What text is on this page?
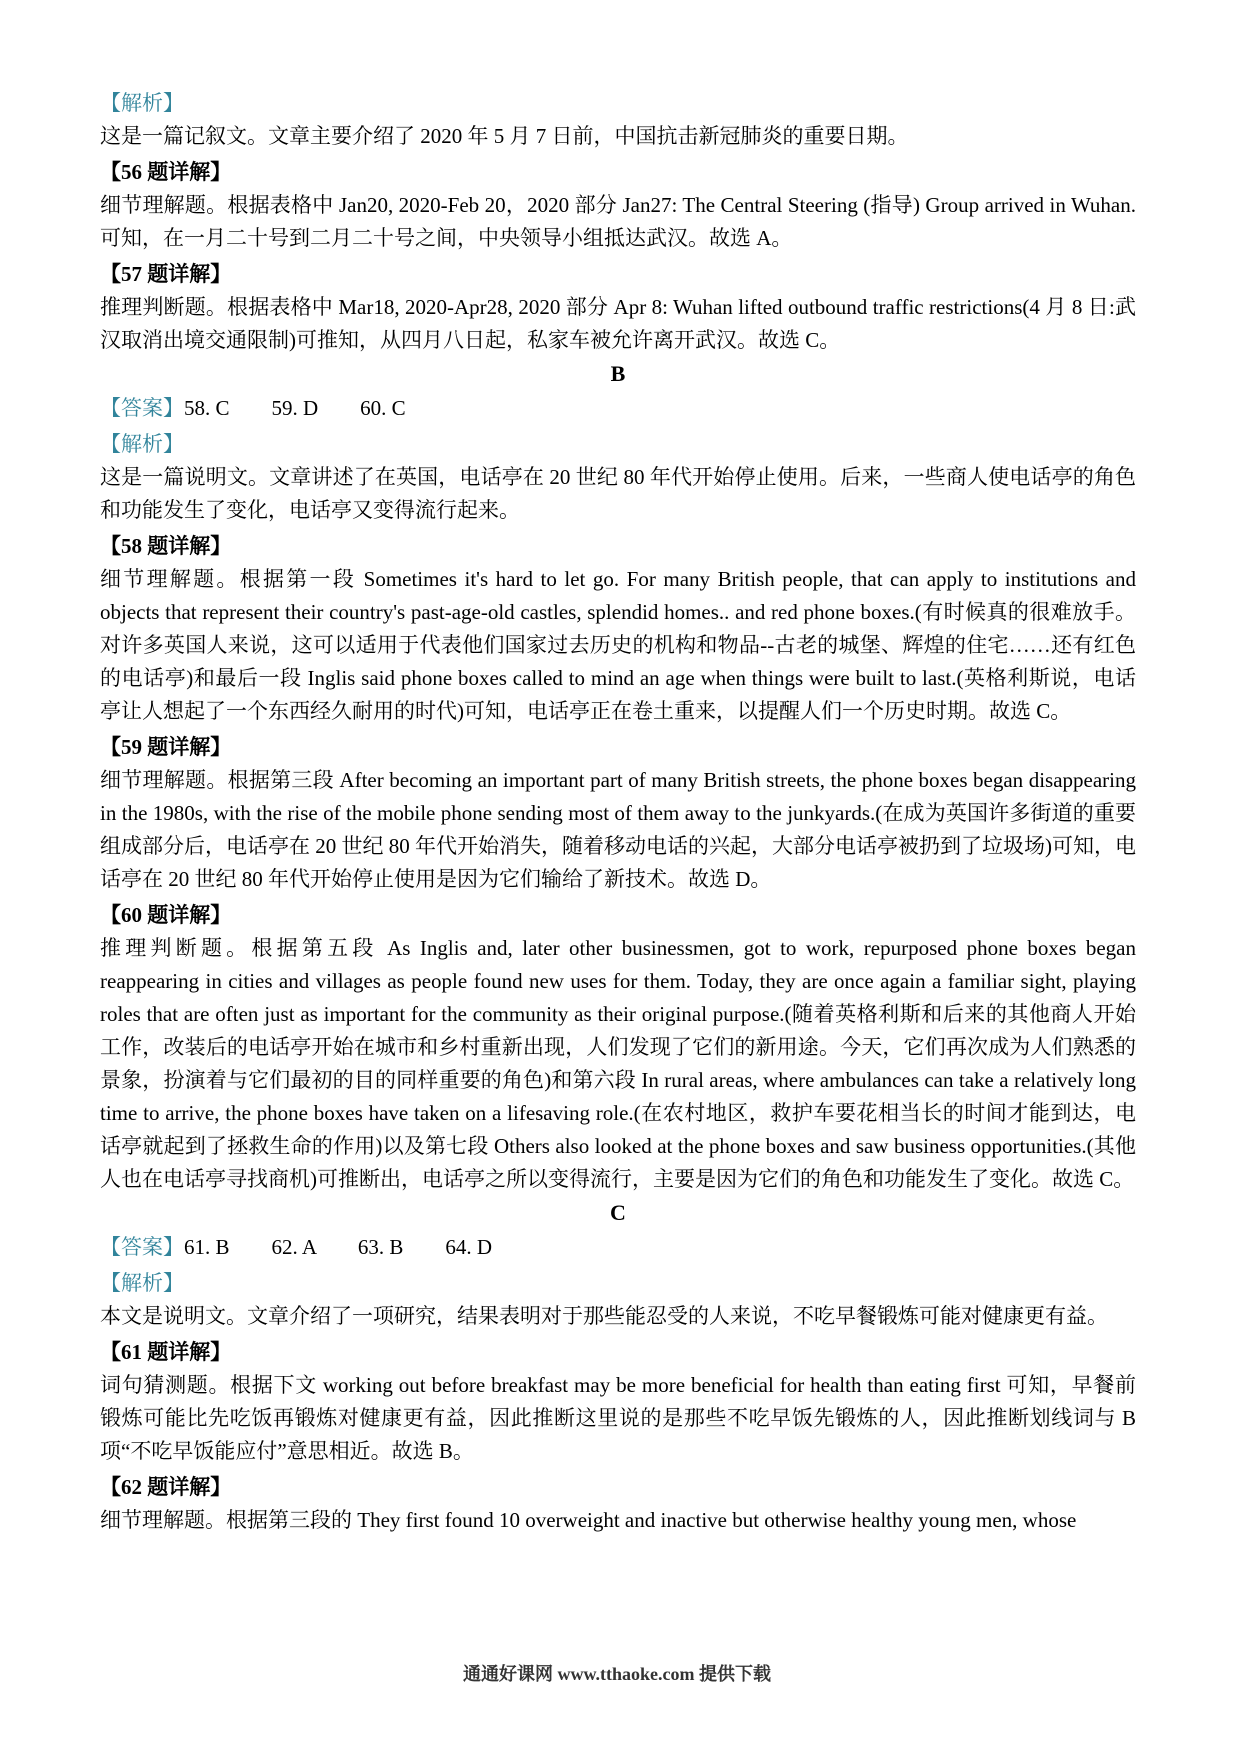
【解析】
这是一篇记叙文。文章主要介绍了 2020 年 5 月 7 日前，中国抗击新冠肺炎的重要日期。
【56 题详解】
细节理解题。根据表格中 Jan20, 2020-Feb 20，2020 部分 Jan27: The Central Steering (指导) Group arrived in Wuhan.可知，在一月二十号到二月二十号之间，中央领导小组抵达武汉。故选 A。
【57 题详解】
推理判断题。根据表格中 Mar18, 2020-Apr28, 2020 部分 Apr 8: Wuhan lifted outbound traffic restrictions(4 月 8 日:武汉取消出境交通限制)可推知，从四月八日起，私家车被允许离开武汉。故选 C。
B
【答案】58. C　　59. D　　60. C
【解析】
这是一篇说明文。文章讲述了在英国，电话亭在 20 世纪 80 年代开始停止使用。后来，一些商人使电话亭的角色和功能发生了变化，电话亭又变得流行起来。
【58 题详解】
细节理解题。根据第一段 Sometimes it's hard to let go. For many British people, that can apply to institutions and objects that represent their country's past-age-old castles, splendid homes.. and red phone boxes.(有时候真的很难放手。对许多英国人来说，这可以适用于代表他们国家过去历史的机构和物品--古老的城堡、辉煌的住宅……还有红色的电话亭)和最后一段 Inglis said phone boxes called to mind an age when things were built to last.(英格利斯说，电话亭让人想起了一个东西经久耐用的时代)可知，电话亭正在卷土重来，以提醒人们一个历史时期。故选 C。
【59 题详解】
细节理解题。根据第三段 After becoming an important part of many British streets, the phone boxes began disappearing in the 1980s, with the rise of the mobile phone sending most of them away to the junkyards.(在成为英国许多街道的重要组成部分后，电话亭在 20 世纪 80 年代开始消失，随着移动电话的兴起，大部分电话亭被扔到了垃圾场)可知，电话亭在 20 世纪 80 年代开始停止使用是因为它们输给了新技术。故选 D。
【60 题详解】
推理判断题。根据第五段 As Inglis and, later other businessmen, got to work, repurposed phone boxes began reappearing in cities and villages as people found new uses for them. Today, they are once again a familiar sight, playing roles that are often just as important for the community as their original purpose.(随着英格利斯和后来的其他商人开始工作，改装后的电话亭开始在城市和乡村重新出现，人们发现了它们的新用途。今天，它们再次成为人们熟悉的景象，扮演着与它们最初的目的同样重要的角色)和第六段 In rural areas, where ambulances can take a relatively long time to arrive, the phone boxes have taken on a lifesaving role.(在农村地区，救护车要花相当长的时间才能到达，电话亭就起到了拯救生命的作用)以及第七段 Others also looked at the phone boxes and saw business opportunities.(其他人也在电话亭寻找商机)可推断出，电话亭之所以变得流行，主要是因为它们的角色和功能发生了变化。故选 C。
C
【答案】61. B　　62. A　　63. B　　64. D
【解析】
本文是说明文。文章介绍了一项研究，结果表明对于那些能忍受的人来说，不吃早餐锻炼可能对健康更有益。
【61 题详解】
词句猜测题。根据下文 working out before breakfast may be more beneficial for health than eating first 可知，早餐前锻炼可能比先吃饭再锻炼对健康更有益，因此推断这里说的是那些不吃早饭先锻炼的人，因此推断划线词与 B 项“不吃早饭能应付”意思相近。故选 B。
【62 题详解】
细节理解题。根据第三段的 They first found 10 overweight and inactive but otherwise healthy young men, whose
通通好课网 www.tthaoke.com 提供下载
